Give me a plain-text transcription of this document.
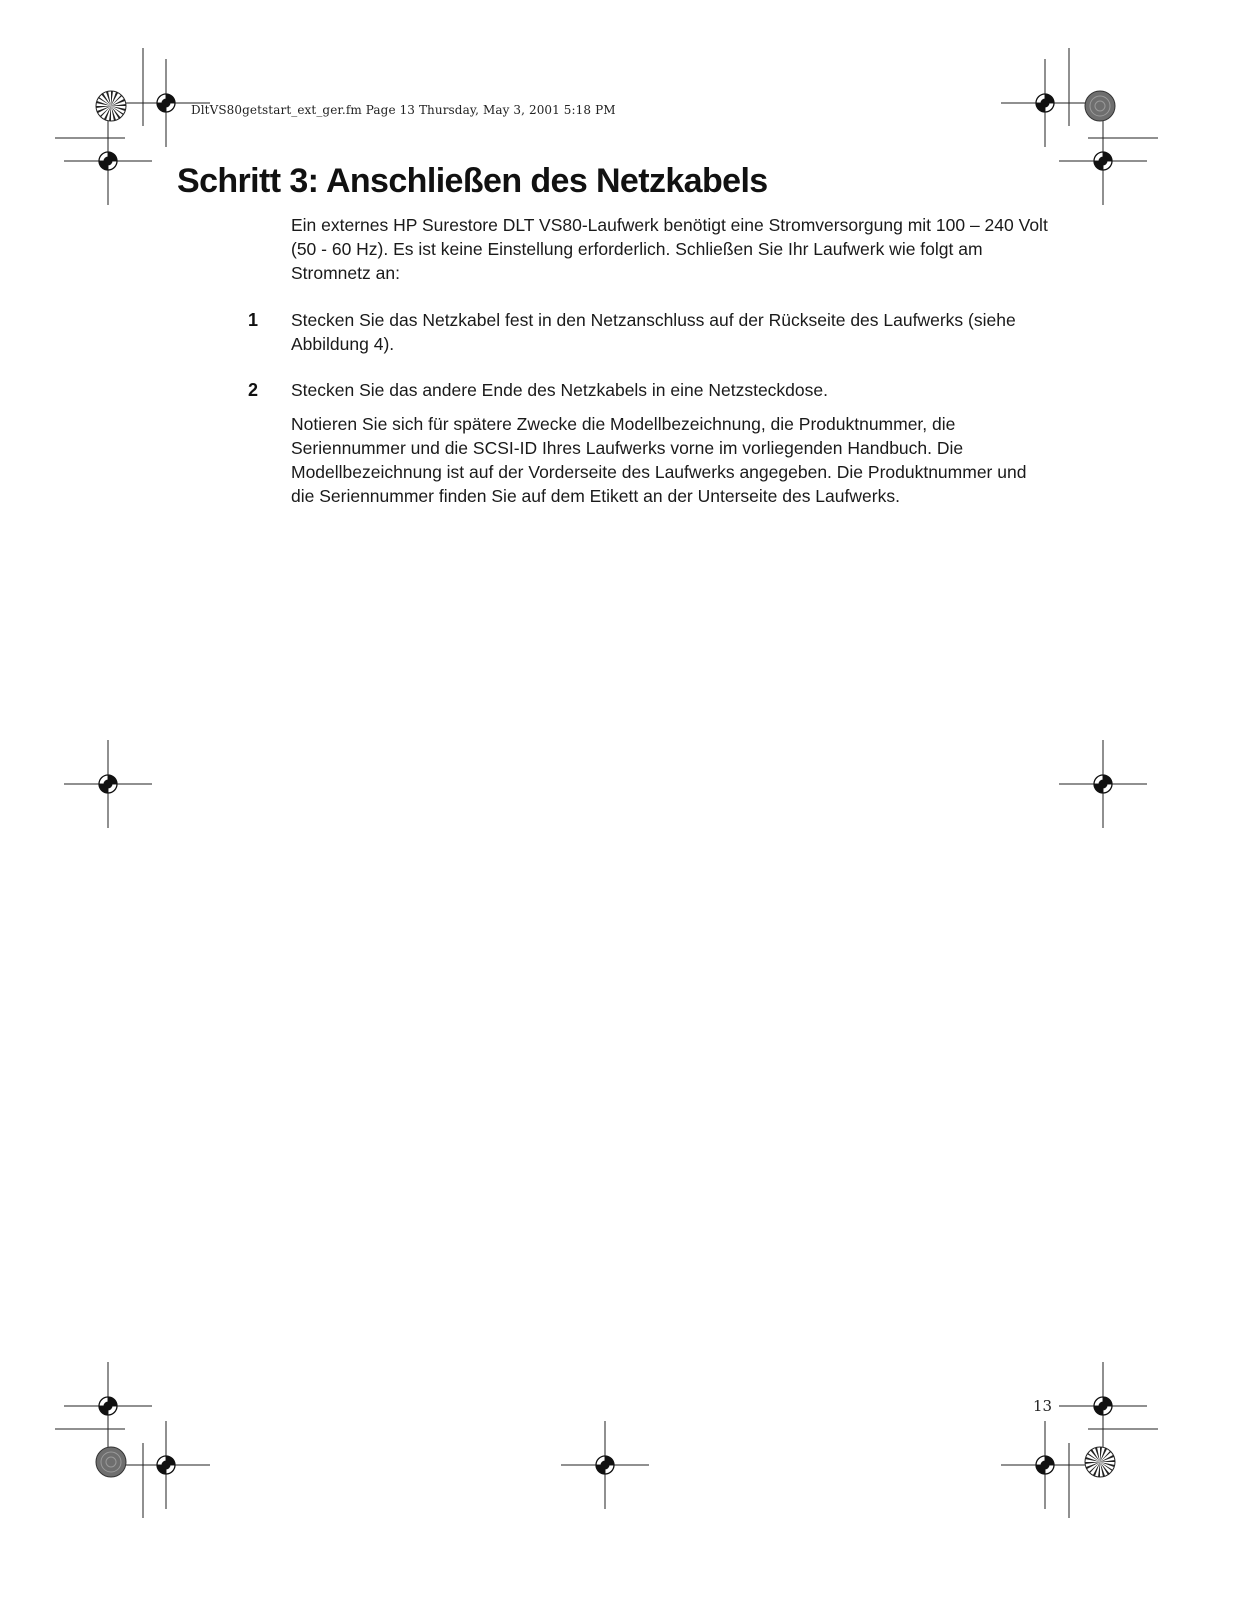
DltVS80getstart_ext_ger.fm Page 13 Thursday, May 3, 2001 5:18 PM
Schritt 3: Anschließen des Netzkabels
Ein externes HP Surestore DLT VS80-Laufwerk benötigt eine Stromversorgung mit 100 – 240 Volt (50 - 60 Hz). Es ist keine Einstellung erforderlich. Schließen Sie Ihr Laufwerk wie folgt am Stromnetz an:
1 Stecken Sie das Netzkabel fest in den Netzanschluss auf der Rückseite des Laufwerks (siehe Abbildung 4).
2 Stecken Sie das andere Ende des Netzkabels in eine Netzsteckdose.
Notieren Sie sich für spätere Zwecke die Modellbezeichnung, die Produktnummer, die Seriennummer und die SCSI-ID Ihres Laufwerks vorne im vorliegenden Handbuch. Die Modellbezeichnung ist auf der Vorderseite des Laufwerks angegeben. Die Produktnummer und die Seriennummer finden Sie auf dem Etikett an der Unterseite des Laufwerks.
13
